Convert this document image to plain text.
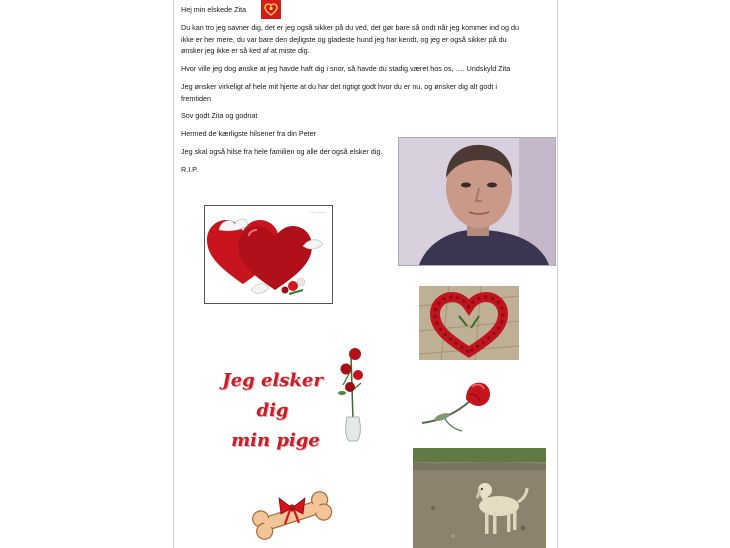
Hej min elskede Zita
Du kan tro jeg savner dig, det er jeg også sikker på du ved, det gør bare så ondt når jeg kommer ind og du ikke er her mere, du var bare den dejligste og gladeste hund jeg har kendt, og jeg er også sikker på du ønsker jeg ikke er så ked af at miste dig.
Hvor ville jeg dog ønske at jeg havde haft dig i snor, så havde du stadig været hos os, …. Undskyld Zita
Jeg ønsker virkeligt af hele mit hjerte at du har det rigtigt godt hvor du er nu, og ønsker dig alt godt i fremtiden
Sov godt Zita og godnat
Hermed de kærligste hilsener fra din Peter
Jeg skal også hilse fra hele familien og alle der også elsker dig.
R.I.P.
◦◦◦◦◦◦◦
Jeg elsker dig
min pige
